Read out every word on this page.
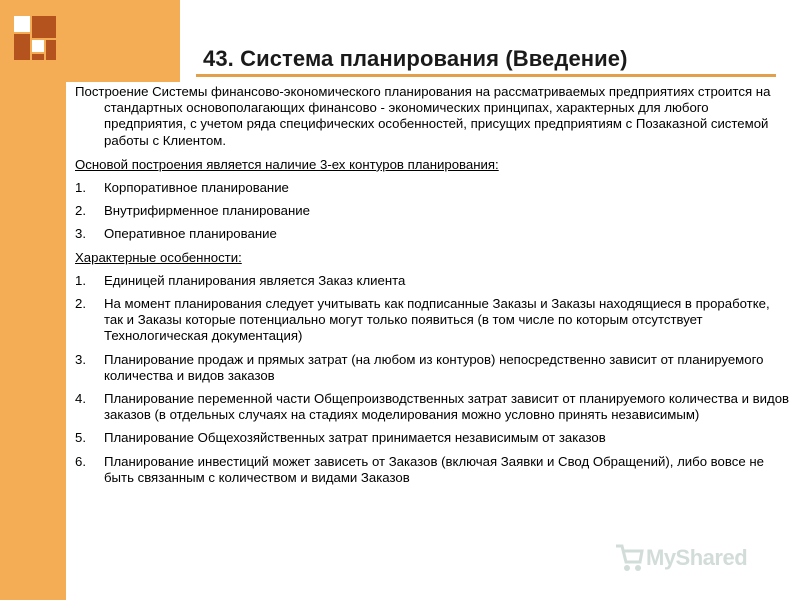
43. Система планирования (Введение)

Построение Системы финансово-экономического планирования на рассматриваемых предприятиях строится на стандартных основополагающих финансово - экономических принципах, характерных для любого предприятия, с учетом ряда специфических особенностей, присущих предприятиям с Позаказной системой работы с Клиентом.

Основой построения является наличие 3-ех контуров планирования:

1. Корпоративное планирование
2. Внутрифирменное планирование
3. Оперативное планирование

Характерные особенности:

1. Единицей планирования является Заказ клиента
2. На момент планирования следует учитывать как подписанные Заказы и Заказы находящиеся в проработке, так и Заказы которые потенциально могут только появиться (в том числе по которым отсутствует Технологическая документация)
3. Планирование продаж и прямых затрат (на любом из контуров) непосредственно зависит от планируемого количества и видов заказов
4. Планирование переменной части Общепроизводственных затрат зависит от планируемого количества и видов заказов (в отдельных случаях на стадиях моделирования можно условно принять независимым)
5. Планирование Общехозяйственных затрат принимается независимым от заказов
6. Планирование инвестиций может зависеть от Заказов (включая Заявки и Свод Обращений), либо вовсе не быть связанным с количеством и видами Заказов
MyShared
